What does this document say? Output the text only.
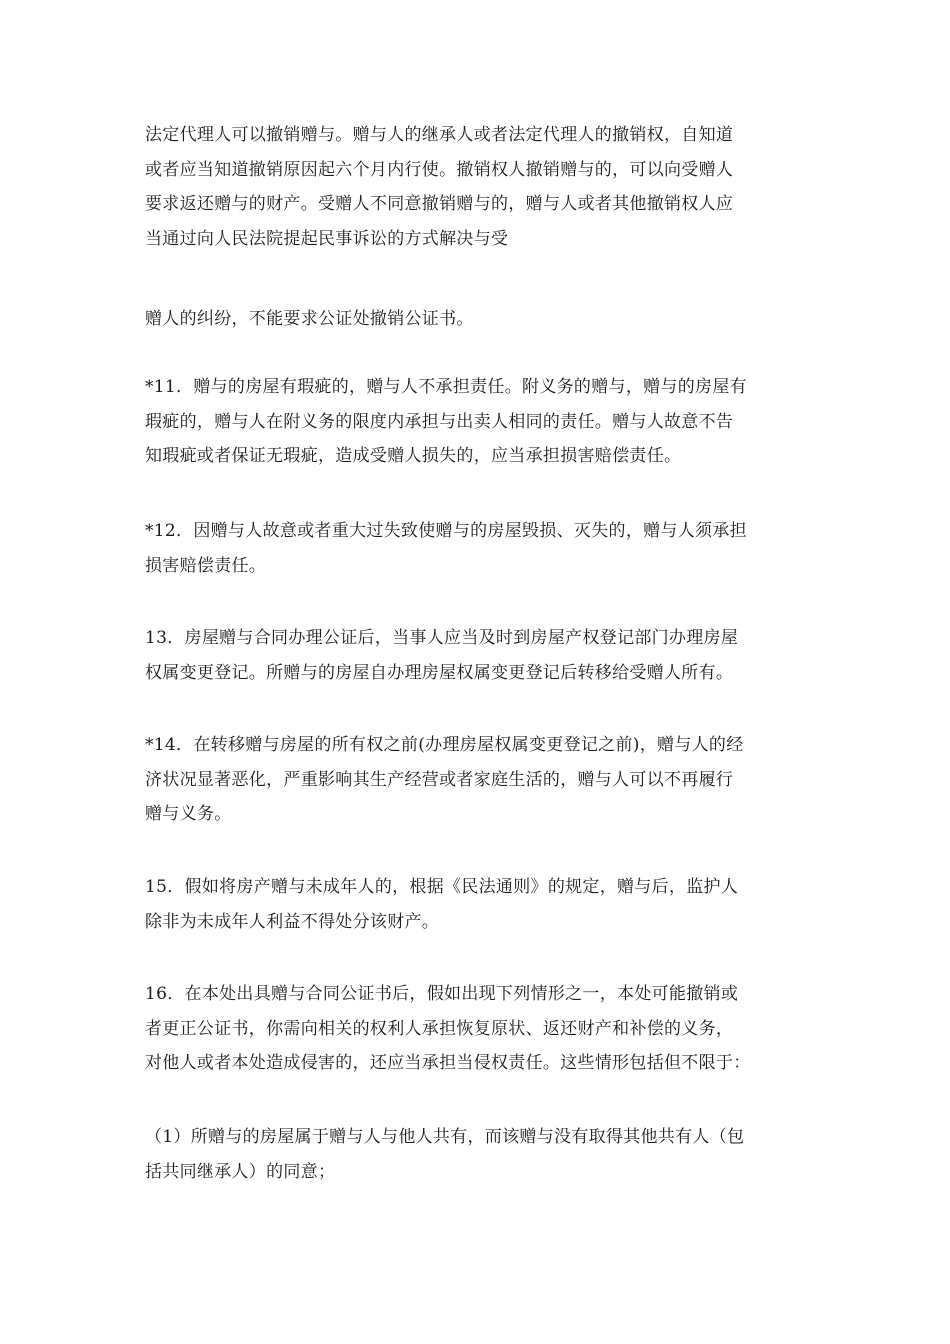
法定代理人可以撤销赠与。赠与人的继承人或者法定代理人的撤销权，自知道
或者应当知道撤销原因起六个月内行使。撤销权人撤销赠与的，可以向受赠人
要求返还赠与的财产。受赠人不同意撤销赠与的，赠与人或者其他撤销权人应
当通过向人民法院提起民事诉讼的方式解决与受
赠人的纠纷，不能要求公证处撤销公证书。
*11．赠与的房屋有瑕疵的，赠与人不承担责任。附义务的赠与，赠与的房屋有
瑕疵的，赠与人在附义务的限度内承担与出卖人相同的责任。赠与人故意不告
知瑕疵或者保证无瑕疵，造成受赠人损失的，应当承担损害赔偿责任。
*12．因赠与人故意或者重大过失致使赠与的房屋毁损、灭失的，赠与人须承担
损害赔偿责任。
13．房屋赠与合同办理公证后，当事人应当及时到房屋产权登记部门办理房屋
权属变更登记。所赠与的房屋自办理房屋权属变更登记后转移给受赠人所有。
*14．在转移赠与房屋的所有权之前(办理房屋权属变更登记之前)，赠与人的经
济状况显著恶化，严重影响其生产经营或者家庭生活的，赠与人可以不再履行
赠与义务。
15．假如将房产赠与未成年人的，根据《民法通则》的规定，赠与后，监护人
除非为未成年人利益不得处分该财产。
16．在本处出具赠与合同公证书后，假如出现下列情形之一，本处可能撤销或
者更正公证书，你需向相关的权利人承担恢复原状、返还财产和补偿的义务，
对他人或者本处造成侵害的，还应当承担当侵权责任。这些情形包括但不限于：
（1）所赠与的房屋属于赠与人与他人共有，而该赠与没有取得其他共有人（包
括共同继承人）的同意；
